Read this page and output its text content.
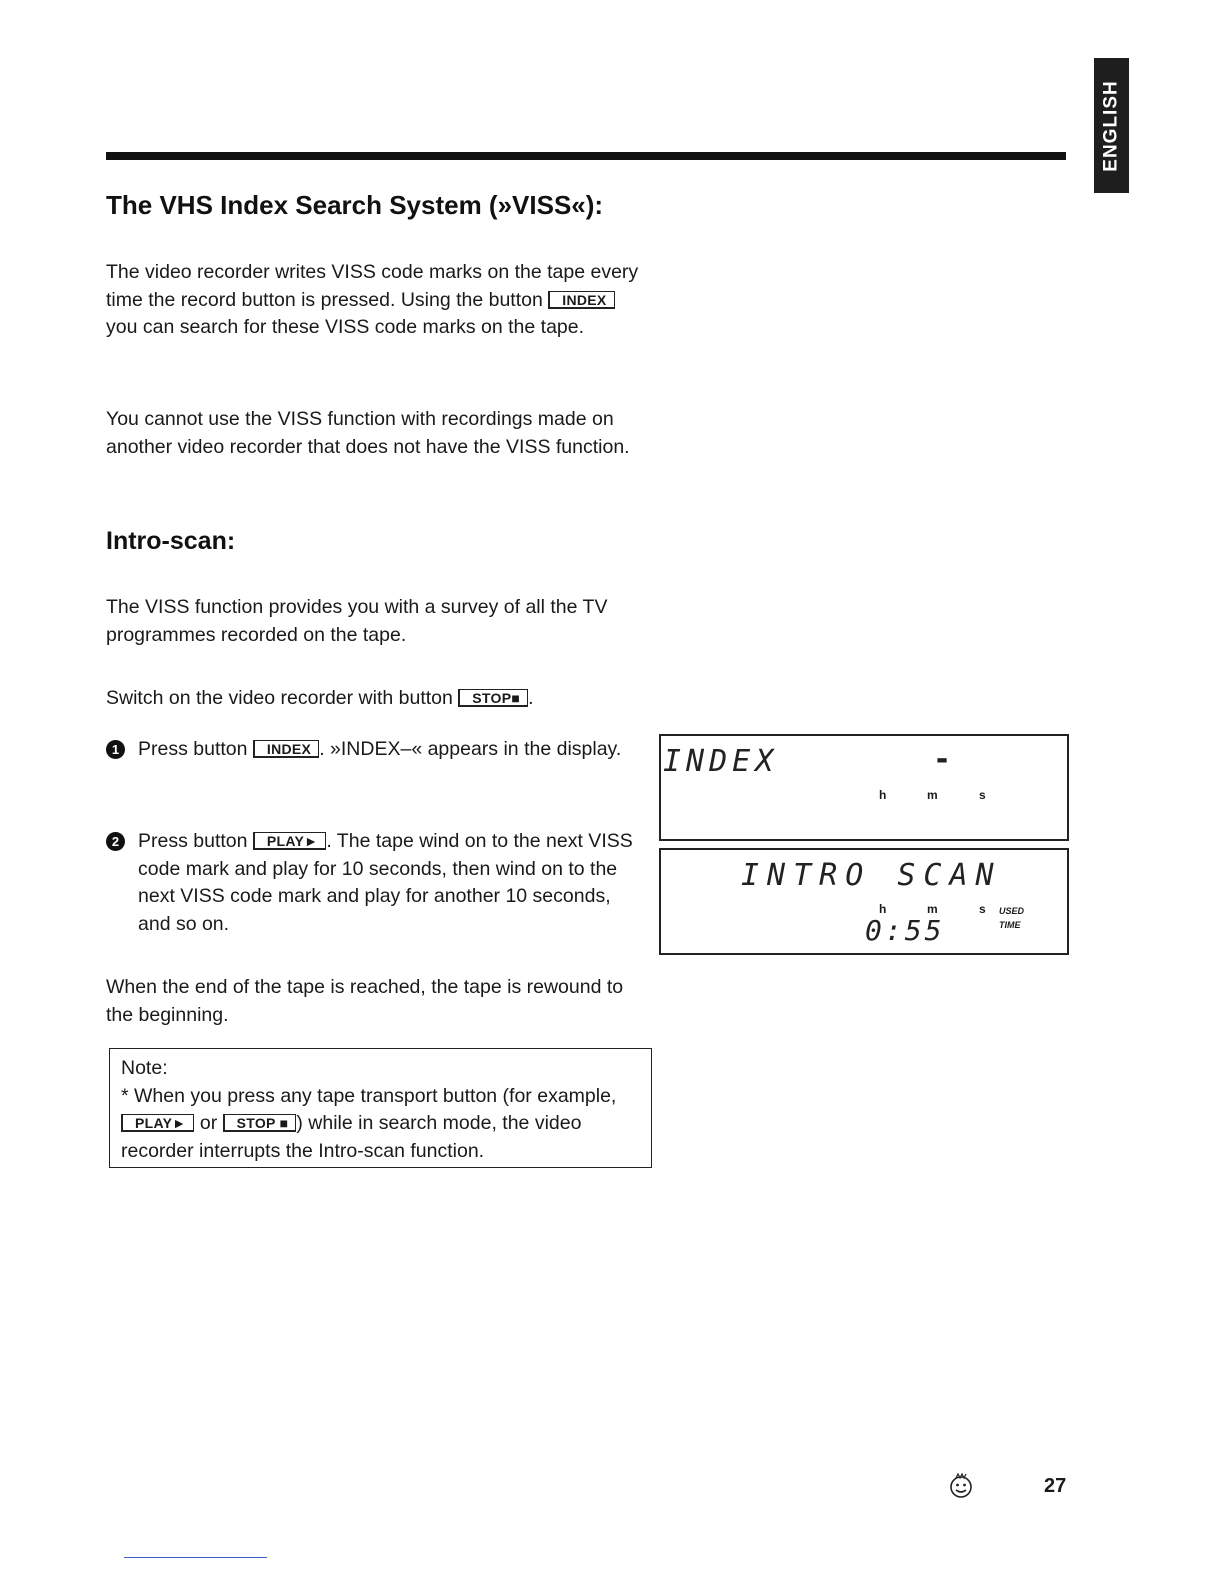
ENGLISH
The VHS Index Search System (»VISS«):

The video recorder writes VISS code marks on the tape every time the record button is pressed. Using the button INDEX you can search for these VISS code marks on the tape.

You cannot use the VISS function with recordings made on another video recorder that does not have the VISS function.

Intro-scan:

The VISS function provides you with a survey of all the TV programmes recorded on the tape.

Switch on the video recorder with button STOP■ .

1 Press button INDEX . »INDEX–« appears in the display.
2 Press button PLAY► . The tape wind on to the next VISS code mark and play for 10 seconds, then wind on to the next VISS code mark and play for another 10 seconds, and so on.

When the end of the tape is reached, the tape is rewound to the beginning.

Note:
* When you press any tape transport button (for example, PLAY► or STOP ■ ) while in search mode, the video recorder interrupts the Intro-scan function.
INDEX	-
h	m	s
INTRO SCAN
h	m	s
0:55
USED
TIME
27
